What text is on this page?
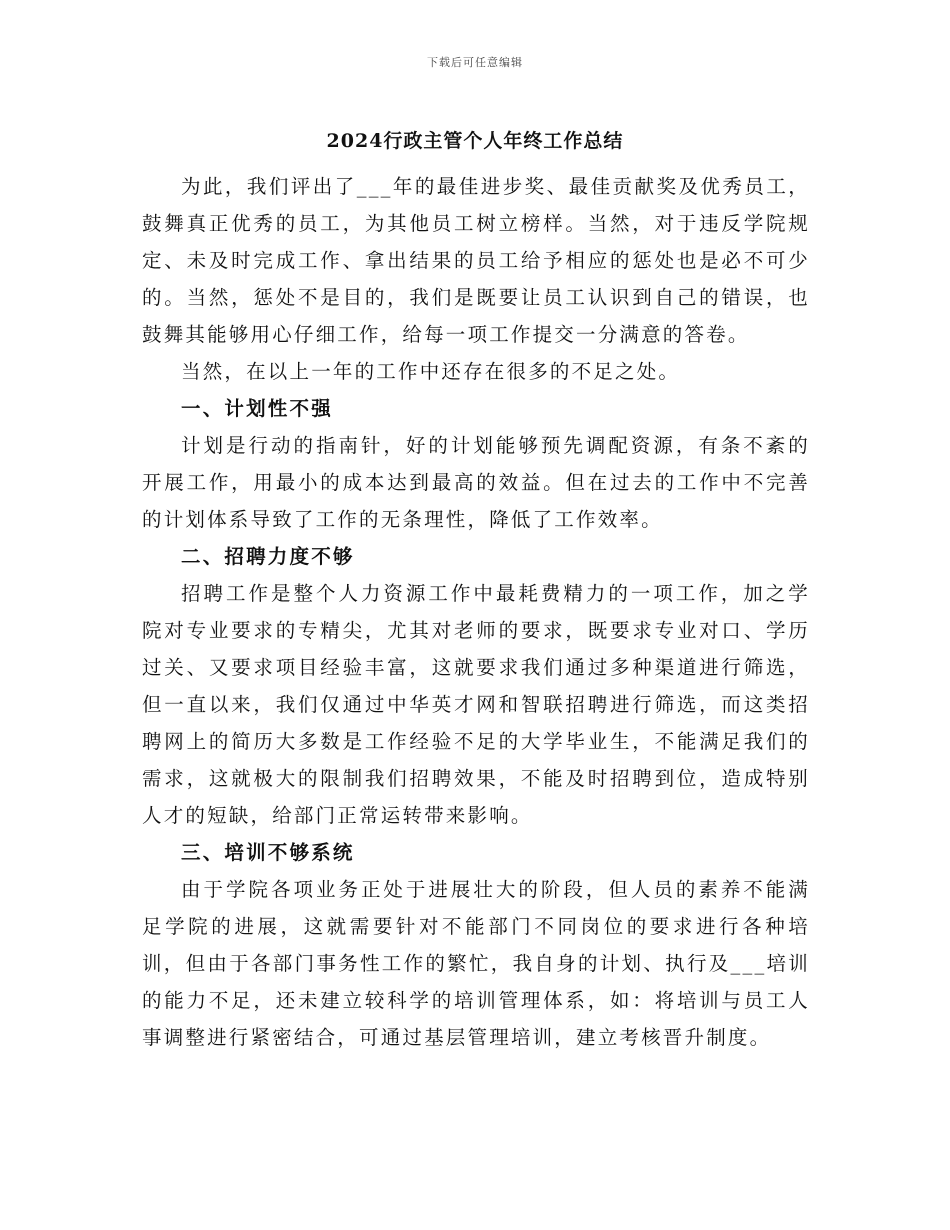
下载后可任意编辑
2024行政主管个人年终工作总结

为此，我们评出了___年的最佳进步奖、最佳贡献奖及优秀员工，鼓舞真正优秀的员工，为其他员工树立榜样。当然，对于违反学院规定、未及时完成工作、拿出结果的员工给予相应的惩处也是必不可少的。当然，惩处不是目的，我们是既要让员工认识到自己的错误，也鼓舞其能够用心仔细工作，给每一项工作提交一分满意的答卷。

当然，在以上一年的工作中还存在很多的不足之处。

一、计划性不强

计划是行动的指南针，好的计划能够预先调配资源，有条不紊的开展工作，用最小的成本达到最高的效益。但在过去的工作中不完善的计划体系导致了工作的无条理性，降低了工作效率。

二、招聘力度不够

招聘工作是整个人力资源工作中最耗费精力的一项工作，加之学院对专业要求的专精尖，尤其对老师的要求，既要求专业对口、学历过关、又要求项目经验丰富，这就要求我们通过多种渠道进行筛选，但一直以来，我们仅通过中华英才网和智联招聘进行筛选，而这类招聘网上的简历大多数是工作经验不足的大学毕业生，不能满足我们的需求，这就极大的限制我们招聘效果，不能及时招聘到位，造成特别人才的短缺，给部门正常运转带来影响。

三、培训不够系统

由于学院各项业务正处于进展壮大的阶段，但人员的素养不能满足学院的进展，这就需要针对不能部门不同岗位的要求进行各种培训，但由于各部门事务性工作的繁忙，我自身的计划、执行及___培训的能力不足，还未建立较科学的培训管理体系，如：将培训与员工人事调整进行紧密结合，可通过基层管理培训，建立考核晋升制度。
